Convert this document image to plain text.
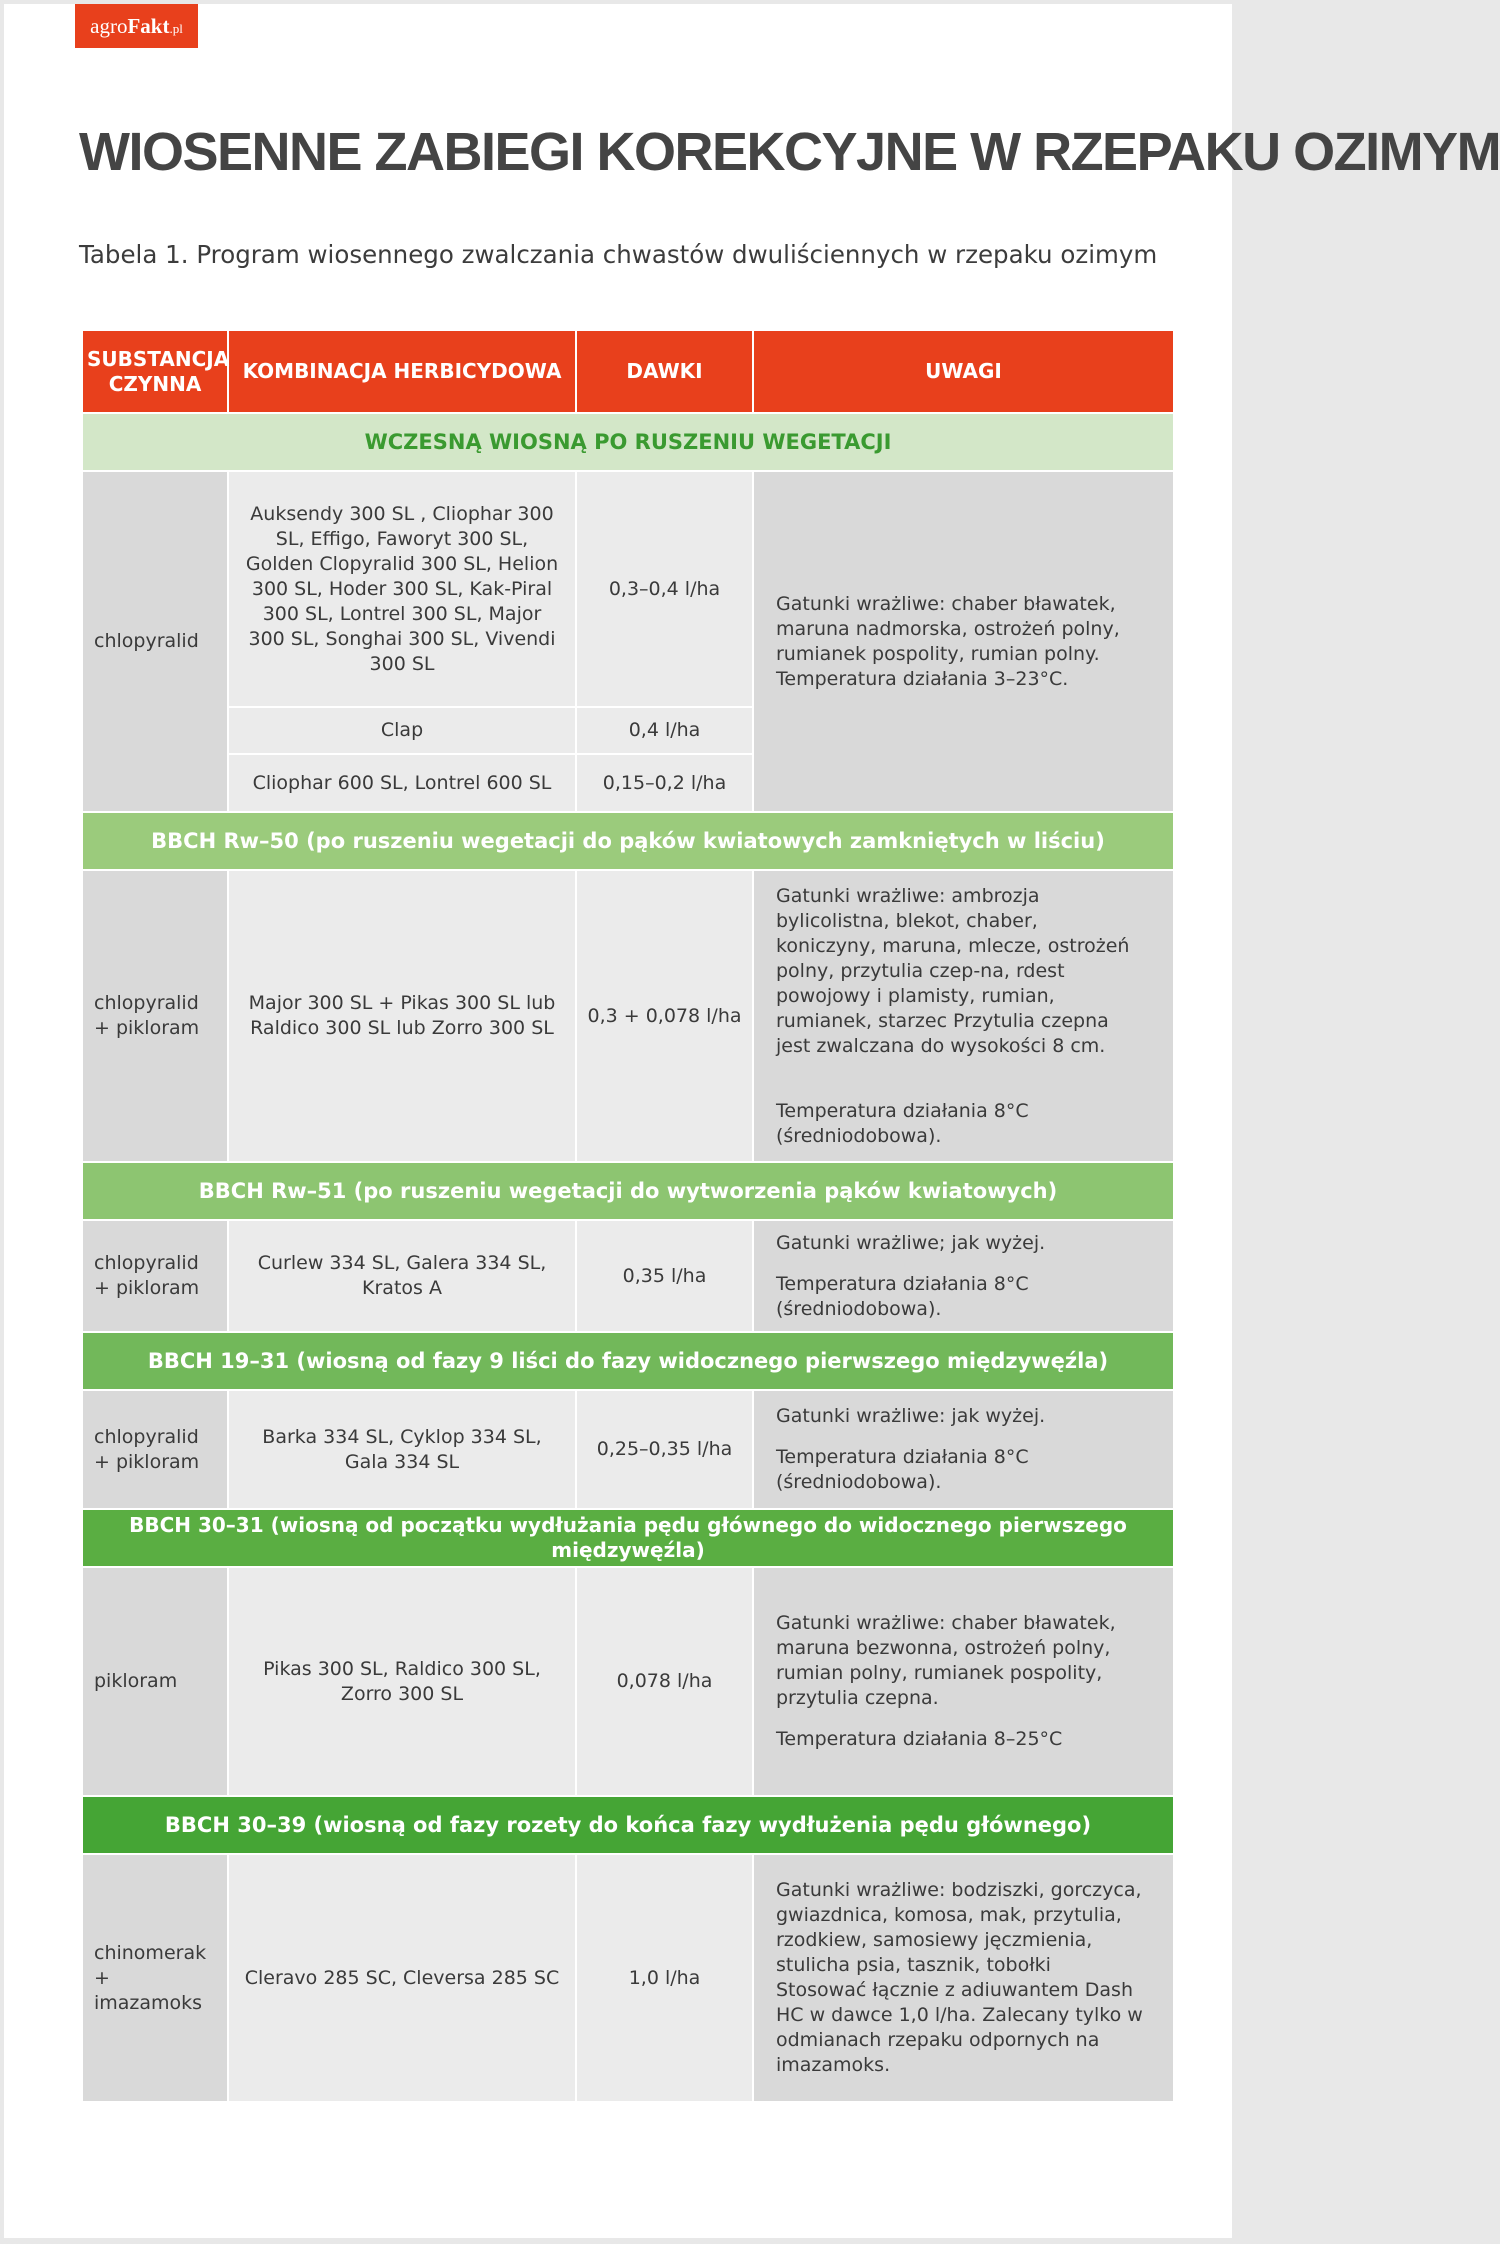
agroFakt.pl
WIOSENNE ZABIEGI KOREKCYJNE W RZEPAKU OZIMYM
Tabela 1. Program wiosennego zwalczania chwastów dwuliściennych w rzepaku ozimym
SUBSTANCJA CZYNNA	KOMBINACJA HERBICYDOWA	DAWKI	UWAGI
WCZESNĄ WIOSNĄ PO RUSZENIU WEGETACJI			
chlopyralid	Auksendy 300 SL , Cliophar 300 SL, Effigo, Faworyt 300 SL, Golden Clopyralid 300 SL, Helion 300 SL, Hoder 300 SL, Kak-Piral 300 SL, Lontrel 300 SL, Major 300 SL, Songhai 300 SL, Vivendi 300 SL	0,3–0,4 l/ha	Gatunki wrażliwe: chaber bławatek, maruna nadmorska, ostrożeń polny, rumianek pospolity, rumian polny. Temperatura działania 3–23°C.

	Clap	0,4 l/ha	
	Cliophar 600 SL, Lontrel 600 SL	0,15–0,2 l/ha	
BBCH Rw–50 (po ruszeniu wegetacji do pąków kwiatowych zamkniętych w liściu)			
chlopyralid + pikloram	Major 300 SL + Pikas 300 SL lub Raldico 300 SL lub Zorro 300 SL	0,3 + 0,078 l/ha	Gatunki wrażliwe: ambrozja bylicolistna, blekot, chaber, koniczyny, maruna, mlecze, ostrożeń polny, przytulia czep-na, rdest powojowy i plamisty, rumian, rumianek, starzec Przytulia czepna jest zwalczana do wysokości 8 cm.

Temperatura działania 8°C (średniodobowa).

BBCH Rw–51 (po ruszeniu wegetacji do wytworzenia pąków kwiatowych)			
chlopyralid + pikloram	Curlew 334 SL, Galera 334 SL, Kratos A	0,35 l/ha	Gatunki wrażliwe; jak wyżej.

Temperatura działania 8°C (średniodobowa).

BBCH 19–31 (wiosną od fazy 9 liści do fazy widocznego pierwszego międzywęźla)			
chlopyralid + pikloram	Barka 334 SL, Cyklop 334 SL, Gala 334 SL	0,25–0,35 l/ha	Gatunki wrażliwe: jak wyżej.

Temperatura działania 8°C (średniodobowa).

BBCH 30–31 (wiosną od początku wydłużania pędu głównego do widocznego pierwszego międzywęźla)			
pikloram	Pikas 300 SL, Raldico 300 SL, Zorro 300 SL	0,078 l/ha	Gatunki wrażliwe: chaber bławatek, maruna bezwonna, ostrożeń polny, rumian polny, rumianek pospolity, przytulia czepna.

Temperatura działania 8–25°C

BBCH 30–39 (wiosną od fazy rozety do końca fazy wydłużenia pędu głównego)			
chinomerak + imazamoks	Cleravo 285 SC, Cleversa 285 SC	1,0 l/ha	Gatunki wrażliwe: bodziszki, gorczyca, gwiazdnica, komosa, mak, przytulia, rzodkiew, samosiewy jęczmienia, stulicha psia, tasznik, tobołki Stosować łącznie z adiuwantem Dash HC w dawce 1,0 l/ha. Zalecany tylko w odmianach rzepaku odpornych na imazamoks.
